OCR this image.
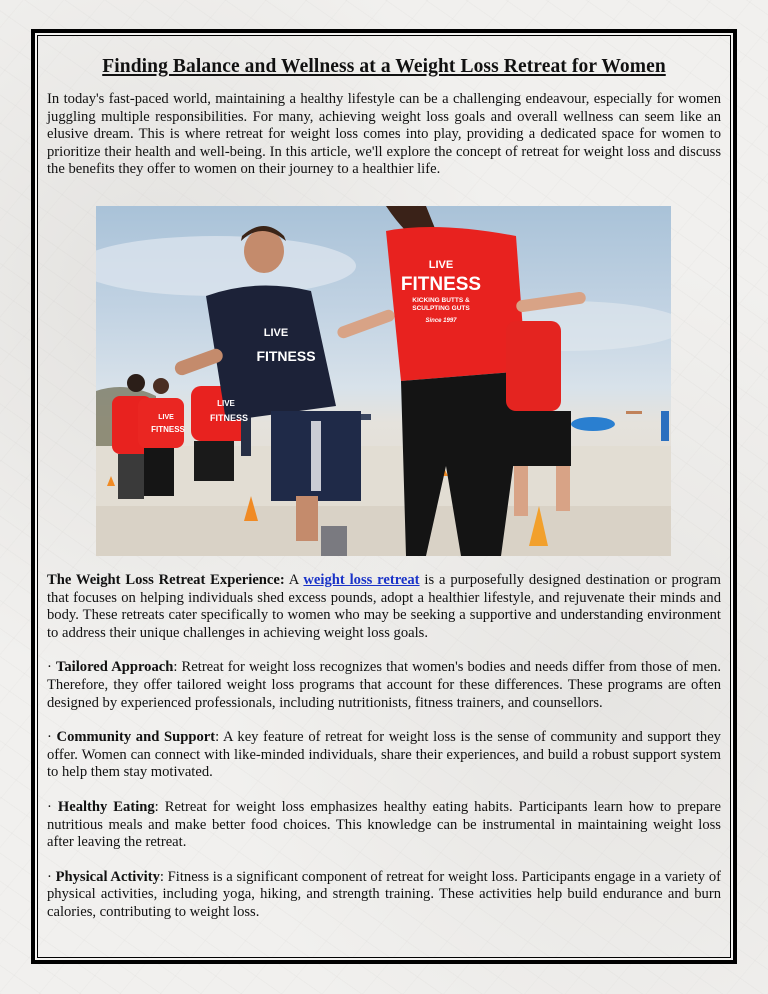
Finding Balance and Wellness at a Weight Loss Retreat for Women

In today's fast-paced world, maintaining a healthy lifestyle can be a challenging endeavour, especially for women juggling multiple responsibilities. For many, achieving weight loss goals and overall wellness can seem like an elusive dream. This is where retreat for weight loss comes into play, providing a dedicated space for women to prioritize their health and well-being. In this article, we'll explore the concept of retreat for weight loss and discuss the benefits they offer to women on their journey to a healthier life.

LIVE
FITNESS
KICKING BUTTS &
SCULPTING GUTS
Since 1997
LIVE
FITNESS
LIVE
FITNESS
LIVE
FITNESS

The Weight Loss Retreat Experience: A weight loss retreat is a purposefully designed destination or program that focuses on helping individuals shed excess pounds, adopt a healthier lifestyle, and rejuvenate their minds and body. These retreats cater specifically to women who may be seeking a supportive and understanding environment to address their unique challenges in achieving weight loss goals.

· Tailored Approach: Retreat for weight loss recognizes that women's bodies and needs differ from those of men. Therefore, they offer tailored weight loss programs that account for these differences. These programs are often designed by experienced professionals, including nutritionists, fitness trainers, and counsellors.

· Community and Support: A key feature of retreat for weight loss is the sense of community and support they offer. Women can connect with like-minded individuals, share their experiences, and build a robust support system to help them stay motivated.

· Healthy Eating: Retreat for weight loss emphasizes healthy eating habits. Participants learn how to prepare nutritious meals and make better food choices. This knowledge can be instrumental in maintaining weight loss after leaving the retreat.

· Physical Activity: Fitness is a significant component of retreat for weight loss. Participants engage in a variety of physical activities, including yoga, hiking, and strength training. These activities help build endurance and burn calories, contributing to weight loss.
